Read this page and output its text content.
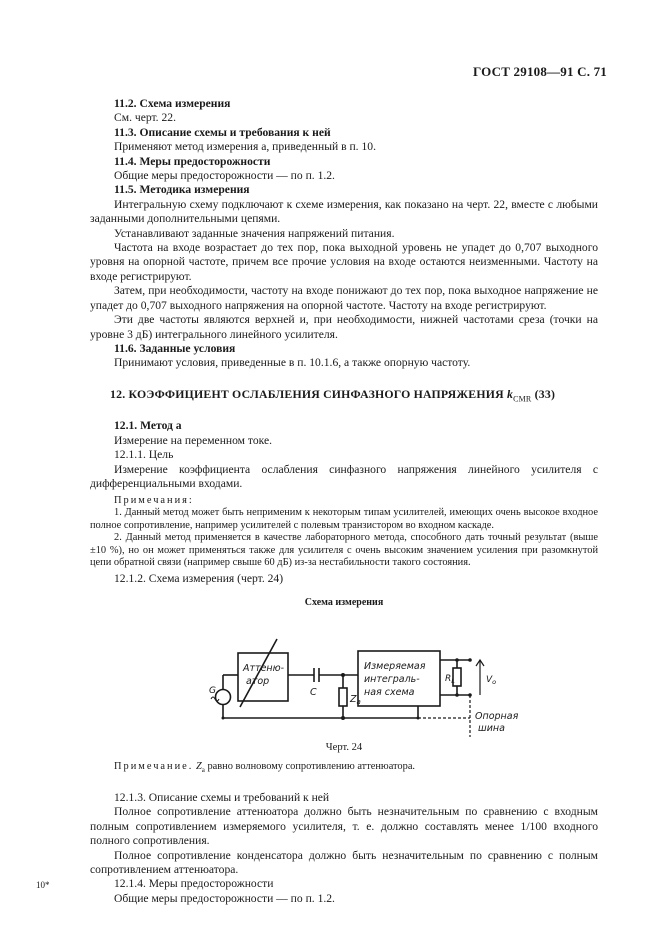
ГОСТ 29108—91 С. 71

11.2. Схема измерения

См. черт. 22.

11.3. Описание схемы и требования к ней

Применяют метод измерения а, приведенный в п. 10.

11.4. Меры предосторожности

Общие меры предосторожности — по п. 1.2.

11.5. Методика измерения

Интегральную схему подключают к схеме измерения, как показано на черт. 22, вместе с любыми заданными дополнительными цепями.

Устанавливают заданные значения напряжений питания.

Частота на входе возрастает до тех пор, пока выходной уровень не упадет до 0,707 выходного уровня на опорной частоте, причем все прочие условия на входе остаются неизменными. Частоту на входе регистрируют.

Затем, при необходимости, частоту на входе понижают до тех пор, пока выходное напряжение не упадет до 0,707 выходного напряжения на опорной частоте. Частоту на входе регистрируют.

Эти две частоты являются верхней и, при необходимости, нижней частотами среза (точки на уровне 3 дБ) интегрального линейного усилителя.

11.6. Заданные условия

Принимают условия, приведенные в п. 10.1.6, а также опорную частоту.

12. КОЭФФИЦИЕНТ ОСЛАБЛЕНИЯ СИНФАЗНОГО НАПРЯЖЕНИЯ $k_{CMR}$ (33)

12.1. Метод а

Измерение на переменном токе.

12.1.1. Цель

Измерение коэффициента ослабления синфазного напряжения линейного усилителя с дифференциальными входами.

Примечания:

1. Данный метод может быть неприменим к некоторым типам усилителей, имеющих очень высокое входное полное сопротивление, например усилителей с полевым транзистором во входном каскаде.

2. Данный метод применяется в качестве лабораторного метода, способного дать точный результат (выше ±10 %), но он может применяться также для усилителя с очень высоким значением усиления при разомкнутой цепи обратной связи (например свыше 60 дБ) из-за нестабильности такого состояния.

12.1.2. Схема измерения (черт. 24)

Схема измерения
Аттеню-
атор
С
$Z_a$
G
Измеряемая
интеграль-
ная схема
$R_L$	$V_о$
Опорная
шина
Черт. 24

Примечание. $Z_a$ равно волновому сопротивлению аттенюатора.

12.1.3. Описание схемы и требований к ней

Полное сопротивление аттенюатора должно быть незначительным по сравнению с входным полным сопротивлением измеряемого усилителя, т. е. должно составлять менее 1/100 входного полного сопротивления.

Полное сопротивление конденсатора должно быть незначительным по сравнению с полным сопротивлением аттенюатора.

12.1.4. Меры предосторожности

Общие меры предосторожности — по п. 1.2.

10*
